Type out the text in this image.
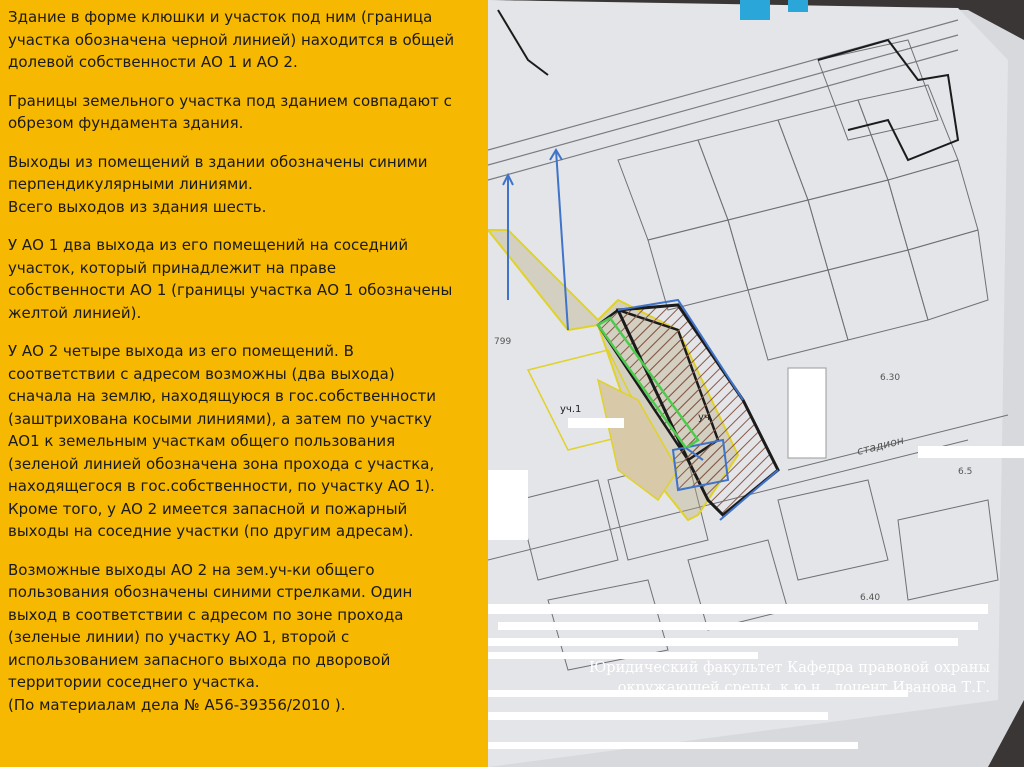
Здание в форме клюшки и участок под ним (граница
участка обозначена черной линией) находится в общей
долевой собственности АО 1 и АО 2.

Границы земельного участка под зданием совпадают с
обрезом фундамента здания.

Выходы из помещений в здании обозначены синими
перпендикулярными линиями.
Всего выходов из здания шесть.

У АО 1 два выхода из его помещений на соседний
участок, который принадлежит на праве
собственности АО 1 (границы участка АО 1 обозначены
желтой линией).

У АО 2 четыре выхода из его помещений. В
соответствии с адресом возможны (два выхода)
сначала на землю, находящуюся в гос.собственности
(заштрихована косыми линиями), а затем по участку
АО1 к земельным участкам общего пользования
(зеленой линией обозначена зона прохода с участка,
находящегося в гос.собственности, по участку АО 1).

Кроме того, у АО 2 имеется запасной и пожарный
выходы на соседние участки (по другим адресам).

Возможные выходы АО 2 на зем.уч-ки общего
пользования обозначены синими стрелками. Один
выход в соответствии с адресом по зоне прохода
(зеленые линии) по участку АО 1, второй с
использованием запасного выхода по дворовой
территории соседнего участка.
(По материалам дела № А56-39356/2010 ).

уч.1
уч.
стадион
6.30
6.40
6.5
799
Юридический факультет Кафедра правовой охраны
окружающей среды, к.ю.н., доцент Иванова Т.Г.
